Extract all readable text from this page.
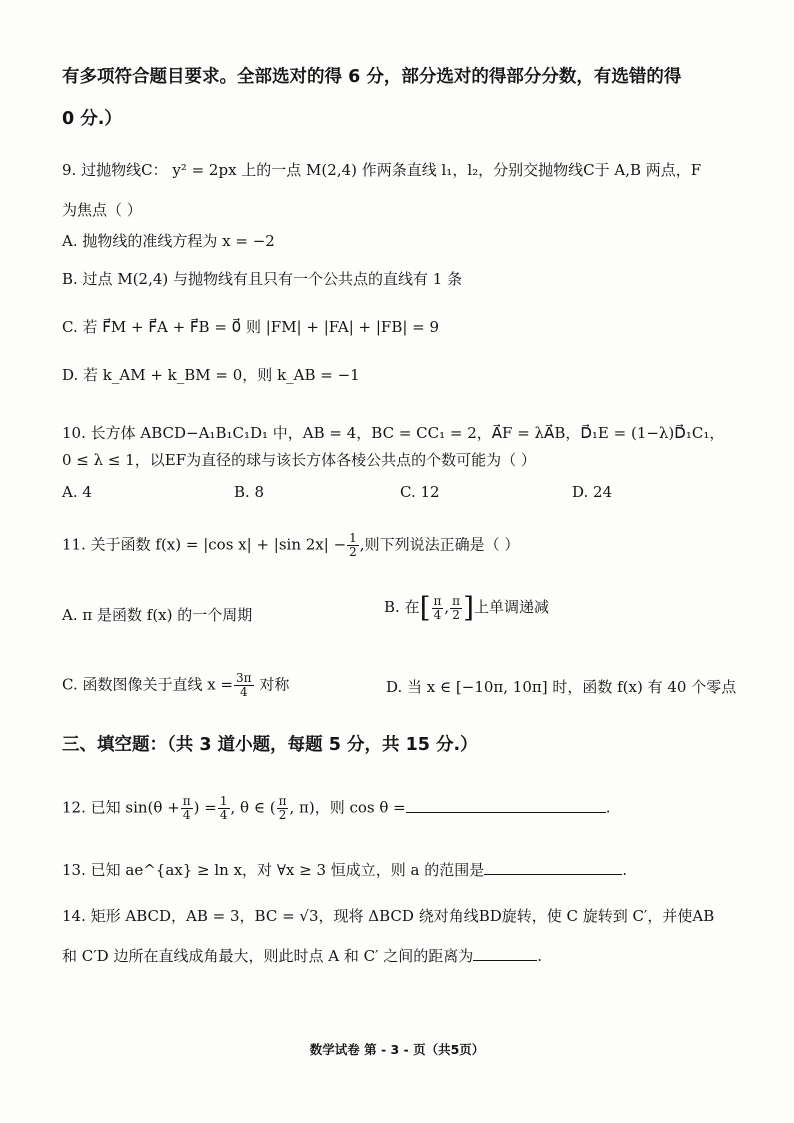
有多项符合题目要求。全部选对的得 6 分，部分选对的得部分分数，有选错的得
0 分.）
9. 过抛物线C： y² = 2px 上的一点 M(2,4) 作两条直线 l₁，l₂，分别交抛物线C于 A,B 两点，F
为焦点（ ）
A. 抛物线的准线方程为 x = −2
B. 过点 M(2,4) 与抛物线有且只有一个公共点的直线有 1 条
C. 若 F⃗M + F⃗A + F⃗B = 0⃗ 则 |FM| + |FA| + |FB| = 9
D. 若 k_AM + k_BM = 0，则 k_AB = −1
10. 长方体 ABCD−A₁B₁C₁D₁ 中，AB = 4，BC = CC₁ = 2，A⃗F = λA⃗B，D⃗₁E = (1−λ)D⃗₁C₁，
0 ≤ λ ≤ 1，以EF为直径的球与该长方体各棱公共点的个数可能为（ ）
A. 4	B. 8	C. 12	D. 24
11. 关于函数 f(x) = |cos x| + |sin $2x| - \frac{1}{2}$ ,则下列说法正确是（ ）
A. π 是函数 f(x) 的一个周期	B. 在[ $\frac{\pi}{4}$ , $\frac{\pi}{2}$ ]上单调递减
C. 函数图像关于直线 $x = \frac{3\pi}{4}$ 对称	D. 当 x ∈ [−10π, 10π] 时，函数 f(x) 有 40 个零点
三、填空题：（共 3 道小题，每题 5 分，共 15 分.）
12. 已知 $\sin(\theta + \frac{\pi}{4}$ ) = $\frac{1}{4}$ , θ ∈ ( $\frac{\pi}{2}$ , π)，则 cos θ =	.
13. 已知 ae^{ax} ≥ ln x，对 ∀x ≥ 3 恒成立，则 a 的范围是	.
14. 矩形 ABCD，AB = 3，BC = √3，现将 ΔBCD 绕对角线BD旋转，使 C 旋转到 C′，并使AB
和 C′D 边所在直线成角最大，则此时点 A 和 C′ 之间的距离为	.
数学试卷 第 - 3 - 页（共5页）
